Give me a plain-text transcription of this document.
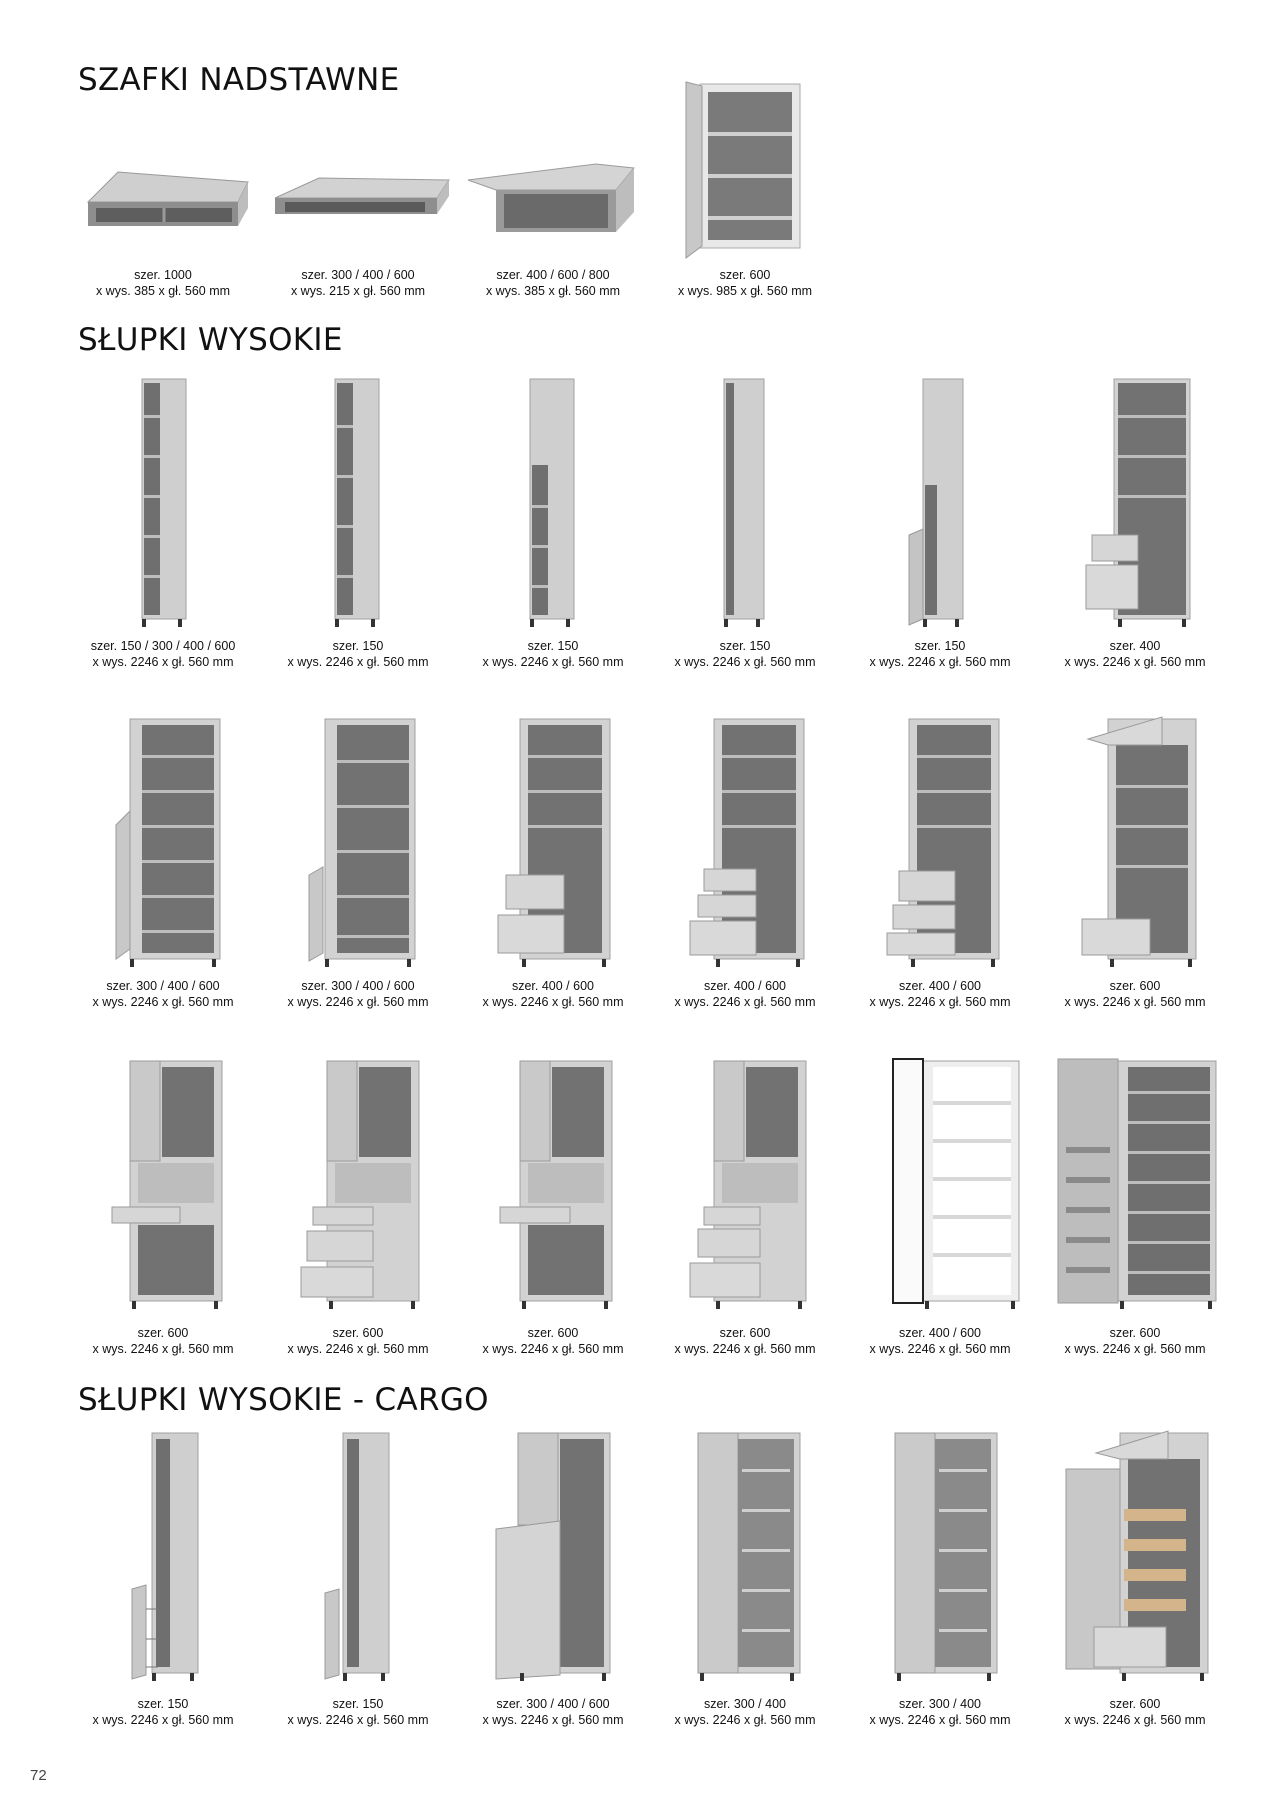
SZAFKI NADSTAWNE
SŁUPKI WYSOKIE
SŁUPKI WYSOKIE - CARGO
szer. 1000
x wys. 385 x gł. 560 mm
szer. 300 / 400 / 600
x wys. 215 x gł. 560 mm
szer. 400 / 600 / 800
x wys. 385 x gł. 560 mm
szer. 600
x wys. 985 x gł. 560 mm
szer. 150 / 300 / 400 / 600
x wys. 2246 x gł. 560 mm
szer. 150
x wys. 2246 x gł. 560 mm
szer. 150
x wys. 2246 x gł. 560 mm
szer. 150
x wys. 2246 x gł. 560 mm
szer. 150
x wys. 2246 x gł. 560 mm
szer. 400
x wys. 2246 x gł. 560 mm
szer. 300 / 400 / 600
x wys. 2246 x gł. 560 mm
szer. 300 / 400 / 600
x wys. 2246 x gł. 560 mm
szer. 400 / 600
x wys. 2246 x gł. 560 mm
szer. 400 / 600
x wys. 2246 x gł. 560 mm
szer. 400 / 600
x wys. 2246 x gł. 560 mm
szer. 600
x wys. 2246 x gł. 560 mm
szer. 600
x wys. 2246 x gł. 560 mm
szer. 600
x wys. 2246 x gł. 560 mm
szer. 600
x wys. 2246 x gł. 560 mm
szer. 600
x wys. 2246 x gł. 560 mm
szer. 400 / 600
x wys. 2246 x gł. 560 mm
szer. 600
x wys. 2246 x gł. 560 mm
szer. 150
x wys. 2246 x gł. 560 mm
szer. 150
x wys. 2246 x gł. 560 mm
szer. 300 / 400 / 600
x wys. 2246 x gł. 560 mm
szer. 300 / 400
x wys. 2246 x gł. 560 mm
szer. 300 / 400
x wys. 2246 x gł. 560 mm
szer. 600
x wys. 2246 x gł. 560 mm
72
